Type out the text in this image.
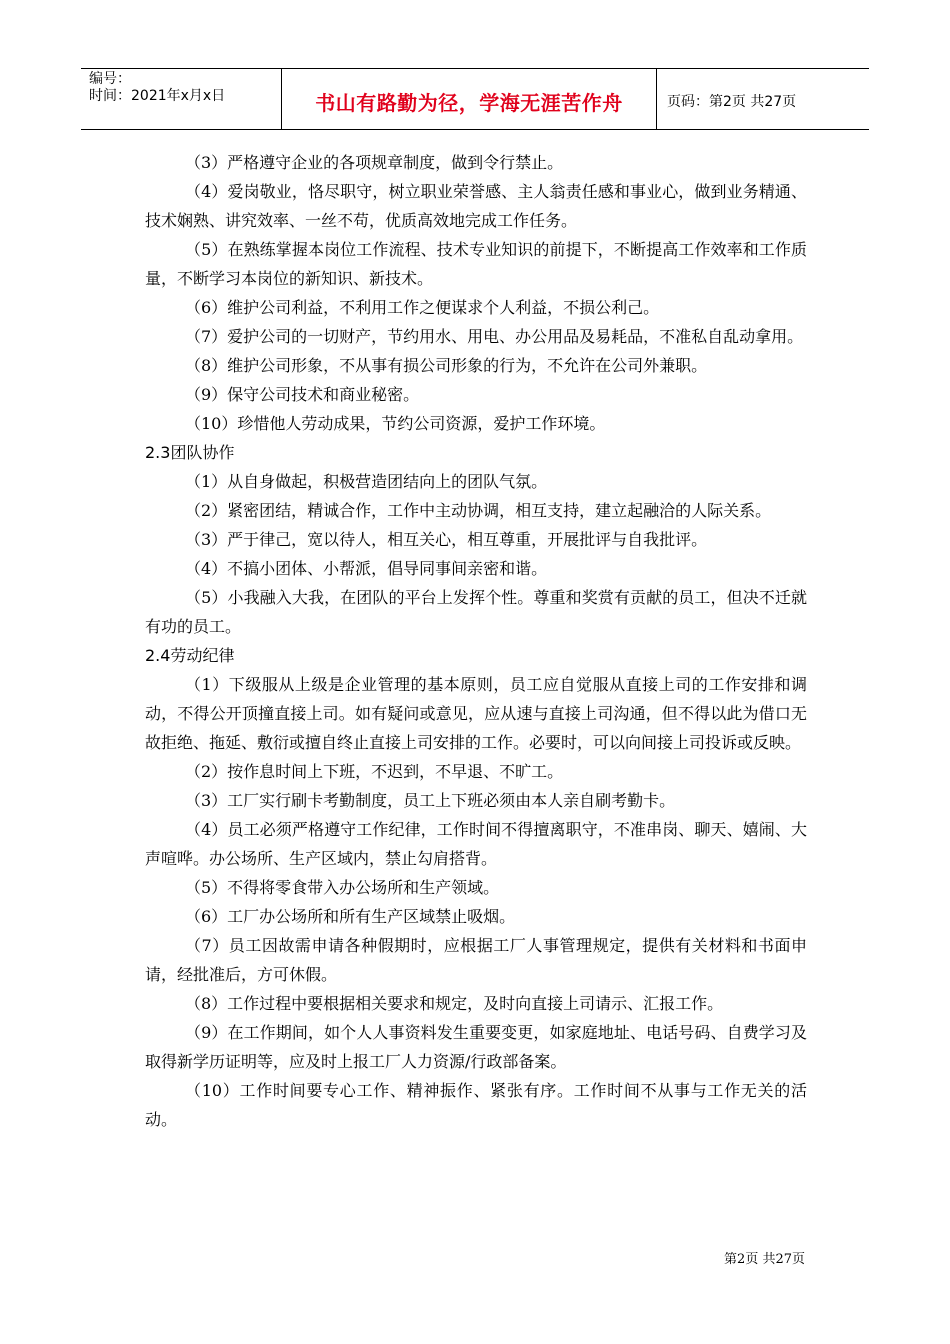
编号：
时间：2021年x月x日	书山有路勤为径，学海无涯苦作舟	页码：第2页 共27页
（3）严格遵守企业的各项规章制度，做到令行禁止。
（4）爱岗敬业，恪尽职守，树立职业荣誉感、主人翁责任感和事业心，做到业务精通、技术娴熟、讲究效率、一丝不苟，优质高效地完成工作任务。
（5）在熟练掌握本岗位工作流程、技术专业知识的前提下，不断提高工作效率和工作质量，不断学习本岗位的新知识、新技术。
（6）维护公司利益，不利用工作之便谋求个人利益，不损公利己。
（7）爱护公司的一切财产，节约用水、用电、办公用品及易耗品，不准私自乱动拿用。
（8）维护公司形象，不从事有损公司形象的行为，不允许在公司外兼职。
（9）保守公司技术和商业秘密。
（10）珍惜他人劳动成果，节约公司资源，爱护工作环境。
2.3团队协作
（1）从自身做起，积极营造团结向上的团队气氛。
（2）紧密团结，精诚合作，工作中主动协调，相互支持，建立起融洽的人际关系。
（3）严于律己，宽以待人，相互关心，相互尊重，开展批评与自我批评。
（4）不搞小团体、小帮派，倡导同事间亲密和谐。
（5）小我融入大我，在团队的平台上发挥个性。尊重和奖赏有贡献的员工，但决不迁就有功的员工。
2.4劳动纪律
（1）下级服从上级是企业管理的基本原则，员工应自觉服从直接上司的工作安排和调动，不得公开顶撞直接上司。如有疑问或意见，应从速与直接上司沟通，但不得以此为借口无故拒绝、拖延、敷衍或擅自终止直接上司安排的工作。必要时，可以向间接上司投诉或反映。
（2）按作息时间上下班，不迟到，不早退、不旷工。
（3）工厂实行刷卡考勤制度，员工上下班必须由本人亲自刷考勤卡。
（4）员工必须严格遵守工作纪律，工作时间不得擅离职守，不准串岗、聊天、嬉闹、大声喧哗。办公场所、生产区域内，禁止勾肩搭背。
（5）不得将零食带入办公场所和生产领域。
（6）工厂办公场所和所有生产区域禁止吸烟。
（7）员工因故需申请各种假期时，应根据工厂人事管理规定，提供有关材料和书面申请，经批准后，方可休假。
（8）工作过程中要根据相关要求和规定，及时向直接上司请示、汇报工作。
（9）在工作期间，如个人人事资料发生重要变更，如家庭地址、电话号码、自费学习及取得新学历证明等，应及时上报工厂人力资源/行政部备案。
（10）工作时间要专心工作、精神振作、紧张有序。工作时间不从事与工作无关的活动。
第2页 共27页
